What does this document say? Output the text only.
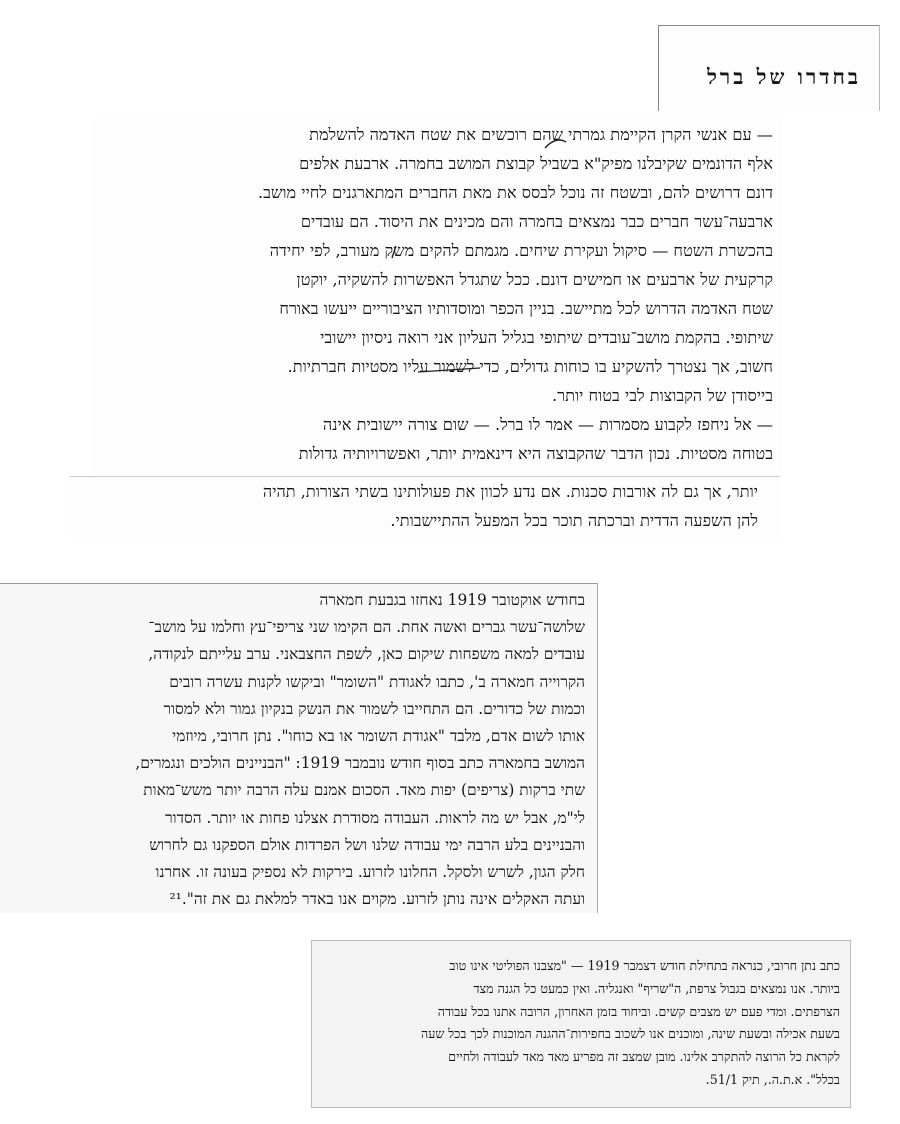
בחדרו של ברל
— עם אנשי הקרן הקיימת גמרתי שהם רוכשים את שטח האדמה להשלמת
אלף הדונמים שקיבלנו מפיק"א בשביל קבוצת המושב בחמרה. ארבעת אלפים
דונם דרושים להם, ובשטח זה נוכל לבסס את מאת החברים המתארגנים לחיי מושב.
ארבעה־עשר חברים כבר נמצאים בחמרה והם מכינים את היסוד. הם עובדים
בהכשרת השטח — סיקול ועקירת שיחים. מגמתם להקים משק מעורב, לפי יחידה
קרקעית של ארבעים או חמישים דונם. ככל שתגדל האפשרות להשקיה, יוקטן
שטח האדמה הדרוש לכל מתיישב. בניין הכפר ומוסדותיו הציבוריים ייעשו באורח
שיתופי. בהקמת מושב־עובדים שיתופי בגליל העליון אני רואה ניסיון יישובי
חשוב, אך נצטרך להשקיע בו כוחות גדולים, כדי לשמור עליו מסטיות חברתיות.
בייסודן של הקבוצות לבי בטוח יותר.
— אל ניחפז לקבוע מסמרות — אמר לו ברל. — שום צורה יישובית אינה
בטוחה מסטיות. נכון הדבר שהקבוצה היא דינאמית יותר, ואפשרויותיה גדולות
יותר, אך גם לה אורבות סכנות. אם נדע לכוון את פעולותינו בשתי הצורות, תהיה
להן השפעה הדדית וברכתה תוכר בכל המפעל ההתיישבותי.
בחודש אוקטובר 1919 נאחזו בגבעת חמארה
שלושה־עשר גברים ואשה אחת. הם הקימו שני צריפי־עץ וחלמו על מושב־
עובדים למאה משפחות שיקום כאן, לשפת החצבאני. ערב עלייתם לנקודה,
הקרוייה חמארה ב', כתבו לאגודת "השומר" וביקשו לקנות עשרה רובים
וכמות של כדורים. הם התחייבו לשמור את הנשק בנקיון גמור ולא למסור
אותו לשום אדם, מלבד "אגודת השומר או בא כוחו". נתן חרובי, מיוזמי
המושב בחמארה כתב בסוף חודש נובמבר 1919: "הבניינים הולכים ונגמרים,
שתי ברקות (צריפים) יפות מאד. הסכום אמנם עלה הרבה יותר משש־מאות
לי"מ, אבל יש מה לראות. העבודה מסודרת אצלנו פחות או יותר. הסדור
והבניינים בלע הרבה ימי עבודה שלנו ושל הפרדות אולם הספקנו גם לחרוש
חלק הגון, לשרש ולסקל. החלונו לזרוע. בירקות לא נספיק בעונה זו. אחרנו
ועתה האקלים אינה נותן לזרוע. מקוים אנו באדר למלאת גם את זה".²¹
כתב נתן חרובי, כנראה בתחילת חודש דצמבר 1919 — "מצבנו הפוליטי אינו טוב
ביותר. אנו נמצאים בגבול צרפת, ה"שריף" ואנגליה. ואין כמעט כל הגנה מצד
הצרפתים. ומדי פעם יש מצבים קשים. וביחוד בזמן האחרון, הרובה אתנו בכל עבודה
בשעת אכילה ובשעת שינה, ומוכנים אנו לשכוב בחפירות־ההגנה המוכנות לכך בכל שעה
לקראת כל הרוצה להתקרב אלינו. מובן שמצב זה מפריע מאד מאד לעבודה ולחיים
בכלל". א.ת.ה., תיק 51/1.
